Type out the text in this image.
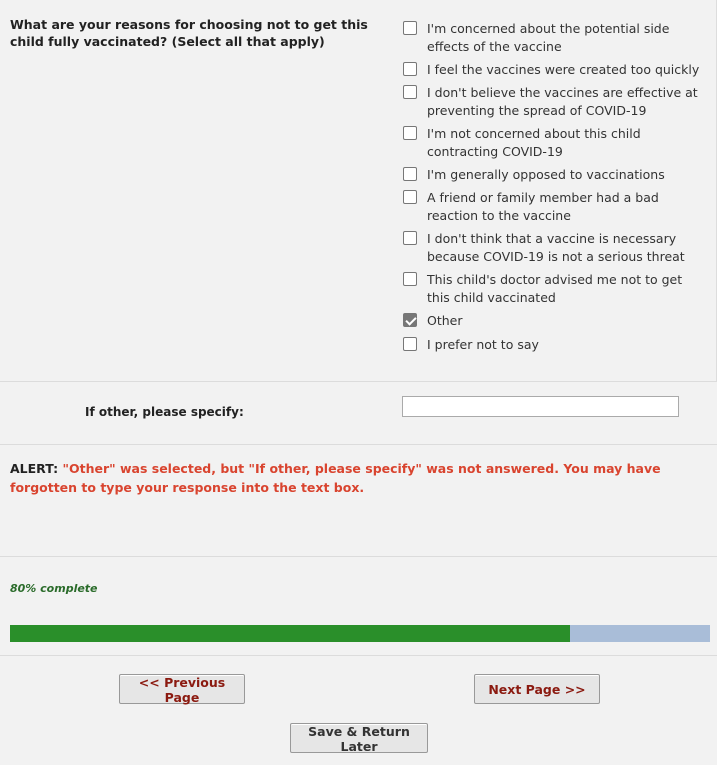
What are your reasons for choosing not to get this child fully vaccinated? (Select all that apply)
I'm concerned about the potential side effects of the vaccine
I feel the vaccines were created too quickly
I don't believe the vaccines are effective at preventing the spread of COVID-19
I'm not concerned about this child contracting COVID-19
I'm generally opposed to vaccinations
A friend or family member had a bad reaction to the vaccine
I don't think that a vaccine is necessary because COVID-19 is not a serious threat
This child's doctor advised me not to get this child vaccinated
Other
I prefer not to say
If other, please specify:
ALERT: "Other" was selected, but "If other, please specify" was not answered. You may have forgotten to type your response into the text box.
80% complete
<< Previous Page
Next Page >>
Save & Return Later
